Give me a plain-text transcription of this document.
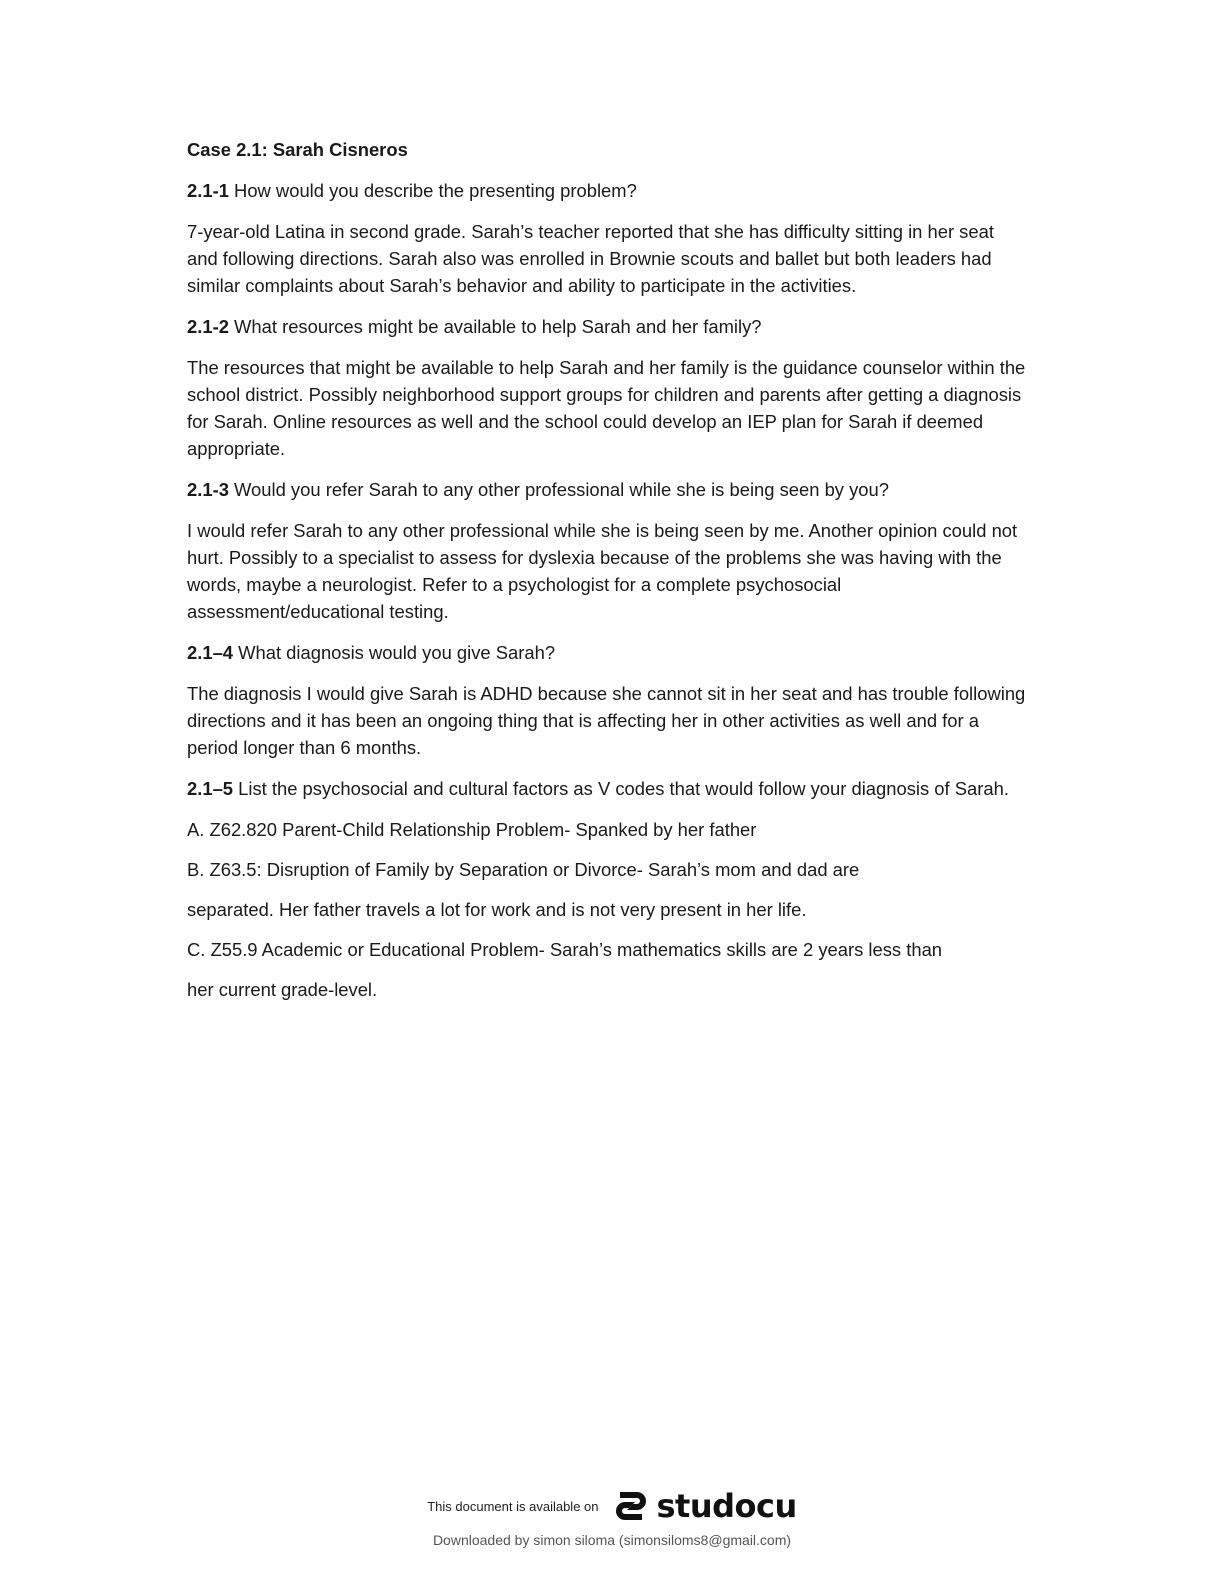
Case 2.1: Sarah Cisneros

2.1-1 How would you describe the presenting problem?

7-year-old Latina in second grade. Sarah’s teacher reported that she has difficulty sitting in her seat and following directions. Sarah also was enrolled in Brownie scouts and ballet but both leaders had similar complaints about Sarah’s behavior and ability to participate in the activities.

2.1-2 What resources might be available to help Sarah and her family?

The resources that might be available to help Sarah and her family is the guidance counselor within the school district. Possibly neighborhood support groups for children and parents after getting a diagnosis for Sarah. Online resources as well and the school could develop an IEP plan for Sarah if deemed appropriate.

2.1-3 Would you refer Sarah to any other professional while she is being seen by you?

I would refer Sarah to any other professional while she is being seen by me. Another opinion could not hurt. Possibly to a specialist to assess for dyslexia because of the problems she was having with the words, maybe a neurologist. Refer to a psychologist for a complete psychosocial assessment/educational testing.

2.1–4 What diagnosis would you give Sarah?

The diagnosis I would give Sarah is ADHD because she cannot sit in her seat and has trouble following directions and it has been an ongoing thing that is affecting her in other activities as well and for a period longer than 6 months.

2.1–5 List the psychosocial and cultural factors as V codes that would follow your diagnosis of Sarah.

A. Z62.820 Parent-Child Relationship Problem- Spanked by her father

B. Z63.5: Disruption of Family by Separation or Divorce- Sarah’s mom and dad are

separated. Her father travels a lot for work and is not very present in her life.

C. Z55.9 Academic or Educational Problem- Sarah’s mathematics skills are 2 years less than

her current grade-level.

This document is available on studocu
Downloaded by simon siloma (simonsiloms8@gmail.com)
